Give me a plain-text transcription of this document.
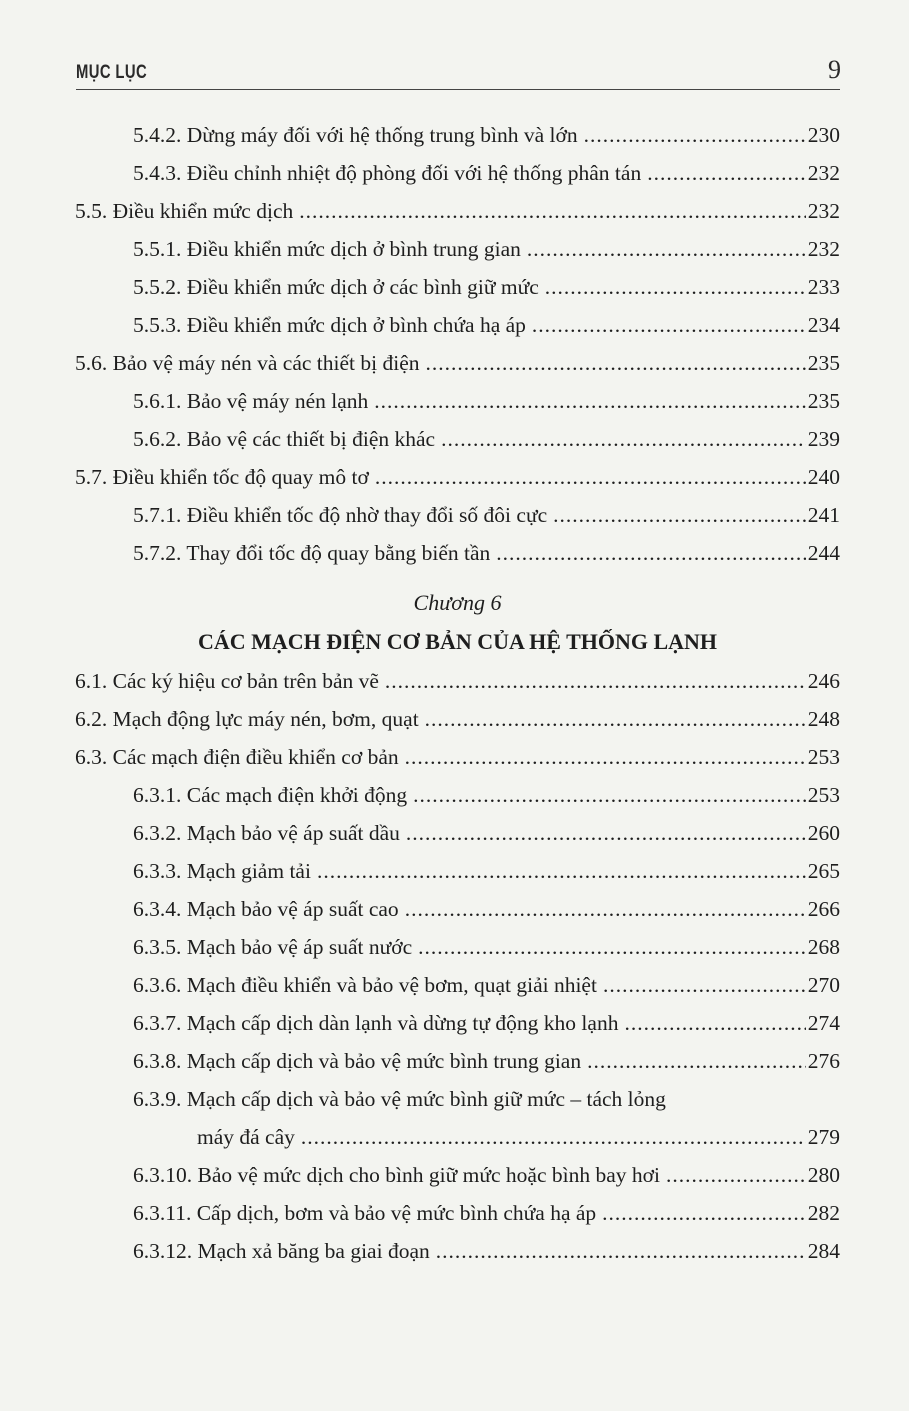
MỤC LỤC	9
5.4.2. Dừng máy đối với hệ thống trung bình và lớn .....	230
5.4.3. Điều chỉnh nhiệt độ phòng đối với hệ thống phân tán .....	232
5.5. Điều khiển mức dịch .....	232
5.5.1. Điều khiển mức dịch ở bình trung gian .....	232
5.5.2. Điều khiển mức dịch ở các bình giữ mức .....	233
5.5.3. Điều khiển mức dịch ở bình chứa hạ áp .....	234
5.6. Bảo vệ máy nén và các thiết bị điện .....	235
5.6.1. Bảo vệ máy nén lạnh .....	235
5.6.2. Bảo vệ các thiết bị điện khác .....	239
5.7. Điều khiển tốc độ quay mô tơ .....	240
5.7.1. Điều khiển tốc độ nhờ thay đổi số đôi cực .....	241
5.7.2. Thay đổi tốc độ quay bằng biến tần .....	244
Chương 6
CÁC MẠCH ĐIỆN CƠ BẢN CỦA HỆ THỐNG LẠNH
6.1. Các ký hiệu cơ bản trên bản vẽ .....	246
6.2. Mạch động lực máy nén, bơm, quạt .....	248
6.3. Các mạch điện điều khiển cơ bản .....	253
6.3.1. Các mạch điện khởi động .....	253
6.3.2. Mạch bảo vệ áp suất dầu .....	260
6.3.3. Mạch giảm tải .....	265
6.3.4. Mạch bảo vệ áp suất cao .....	266
6.3.5. Mạch bảo vệ áp suất nước .....	268
6.3.6. Mạch điều khiển và bảo vệ bơm, quạt giải nhiệt .....	270
6.3.7. Mạch cấp dịch dàn lạnh và dừng tự động kho lạnh .....	274
6.3.8. Mạch cấp dịch và bảo vệ mức bình trung gian .....	276
6.3.9. Mạch cấp dịch và bảo vệ mức bình giữ mức – tách lỏng
máy đá cây .....	279
6.3.10. Bảo vệ mức dịch cho bình giữ mức hoặc bình bay hơi .....	280
6.3.11. Cấp dịch, bơm và bảo vệ mức bình chứa hạ áp .....	282
6.3.12. Mạch xả băng ba giai đoạn .....	284
